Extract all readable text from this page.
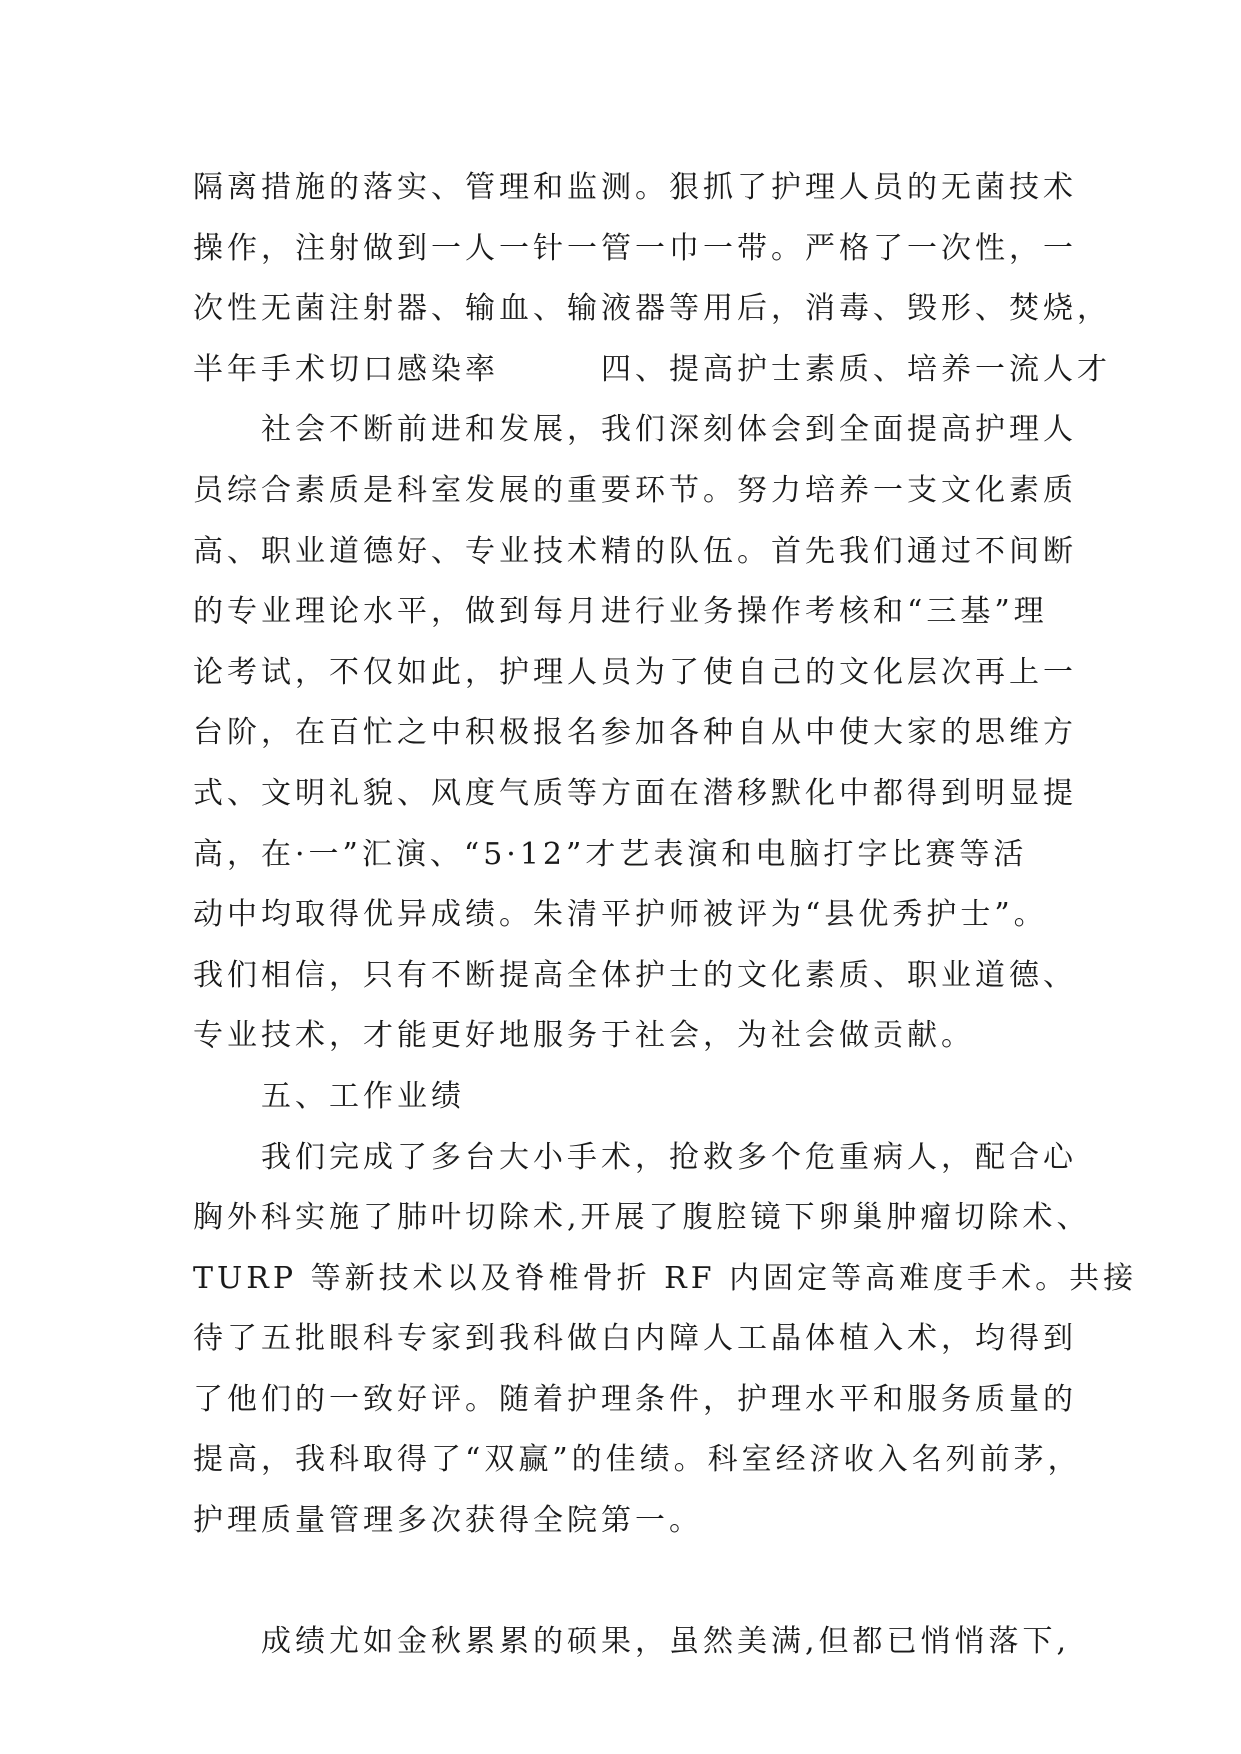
隔离措施的落实、管理和监测。狠抓了护理人员的无菌技术
操作，注射做到一人一针一管一巾一带。严格了一次性，一
次性无菌注射器、输血、输液器等用后，消毒、毁形、焚烧，
半年手术切口感染率　　　四、提高护士素质、培养一流人才
　　社会不断前进和发展，我们深刻体会到全面提高护理人
员综合素质是科室发展的重要环节。努力培养一支文化素质
高、职业道德好、专业技术精的队伍。首先我们通过不间断
的专业理论水平，做到每月进行业务操作考核和“三基”理
论考试，不仅如此，护理人员为了使自己的文化层次再上一
台阶，在百忙之中积极报名参加各种自从中使大家的思维方
式、文明礼貌、风度气质等方面在潜移默化中都得到明显提
高，在·一”汇演、“5·12”才艺表演和电脑打字比赛等活
动中均取得优异成绩。朱清平护师被评为“县优秀护士”。
我们相信，只有不断提高全体护士的文化素质、职业道德、
专业技术，才能更好地服务于社会，为社会做贡献。
　　五、工作业绩
　　我们完成了多台大小手术，抢救多个危重病人，配合心
胸外科实施了肺叶切除术,开展了腹腔镜下卵巢肿瘤切除术、
TURP 等新技术以及脊椎骨折 RF 内固定等高难度手术。共接
待了五批眼科专家到我科做白内障人工晶体植入术，均得到
了他们的一致好评。随着护理条件，护理水平和服务质量的
提高，我科取得了“双赢”的佳绩。科室经济收入名列前茅，
护理质量管理多次获得全院第一。
　　成绩尤如金秋累累的硕果，虽然美满,但都已悄悄落下,
